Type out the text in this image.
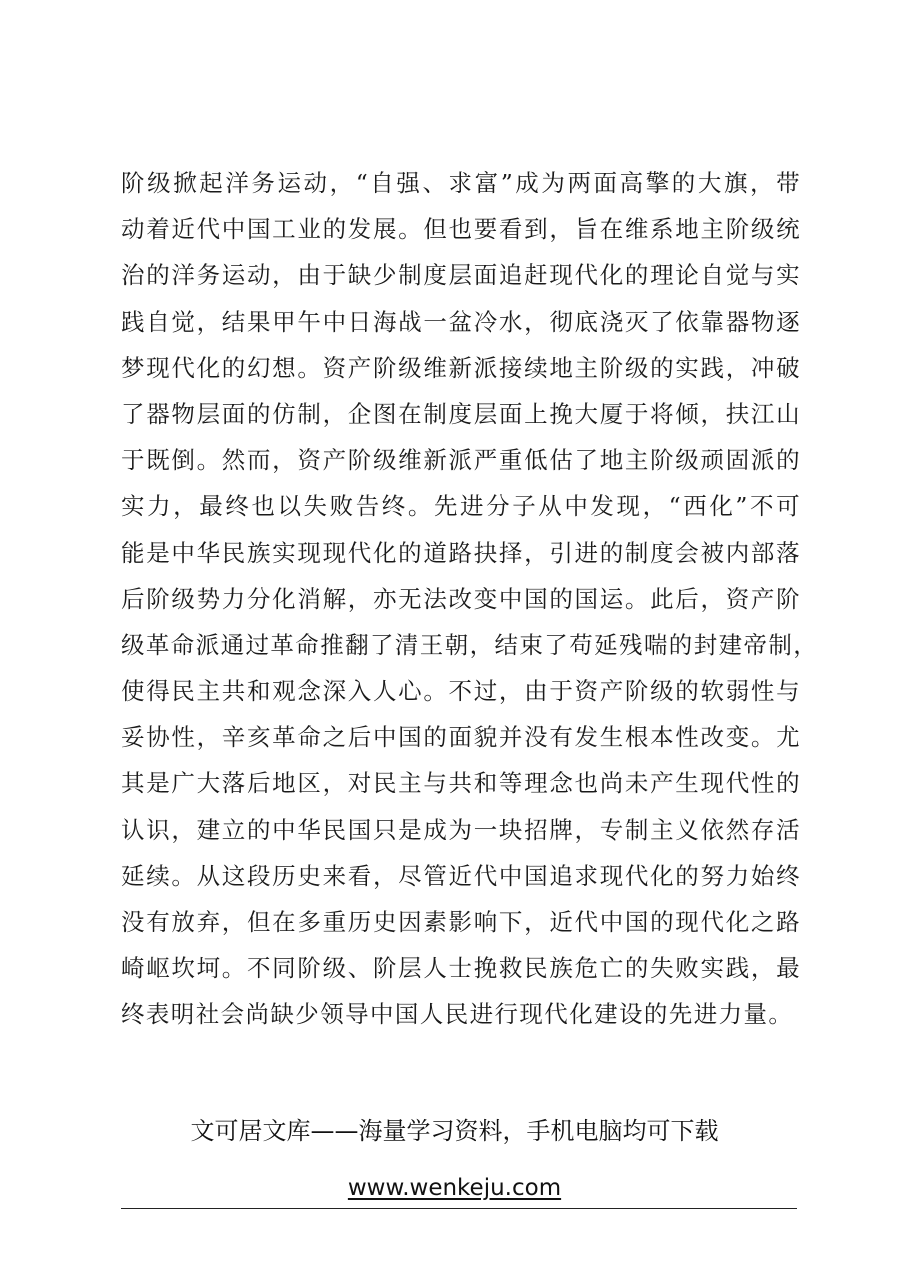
阶级掀起洋务运动，“自强、求富”成为两面高擎的大旗，带
动着近代中国工业的发展。但也要看到，旨在维系地主阶级统
治的洋务运动，由于缺少制度层面追赶现代化的理论自觉与实
践自觉，结果甲午中日海战一盆冷水，彻底浇灭了依靠器物逐
梦现代化的幻想。资产阶级维新派接续地主阶级的实践，冲破
了器物层面的仿制，企图在制度层面上挽大厦于将倾，扶江山
于既倒。然而，资产阶级维新派严重低估了地主阶级顽固派的
实力，最终也以失败告终。先进分子从中发现，“西化”不可
能是中华民族实现现代化的道路抉择，引进的制度会被内部落
后阶级势力分化消解，亦无法改变中国的国运。此后，资产阶
级革命派通过革命推翻了清王朝，结束了苟延残喘的封建帝制，
使得民主共和观念深入人心。不过，由于资产阶级的软弱性与
妥协性，辛亥革命之后中国的面貌并没有发生根本性改变。尤
其是广大落后地区，对民主与共和等理念也尚未产生现代性的
认识，建立的中华民国只是成为一块招牌，专制主义依然存活
延续。从这段历史来看，尽管近代中国追求现代化的努力始终
没有放弃，但在多重历史因素影响下，近代中国的现代化之路
崎岖坎坷。不同阶级、阶层人士挽救民族危亡的失败实践，最
终表明社会尚缺少领导中国人民进行现代化建设的先进力量。

文可居文库——海量学习资料，手机电脑均可下载

www.wenkeju.com
